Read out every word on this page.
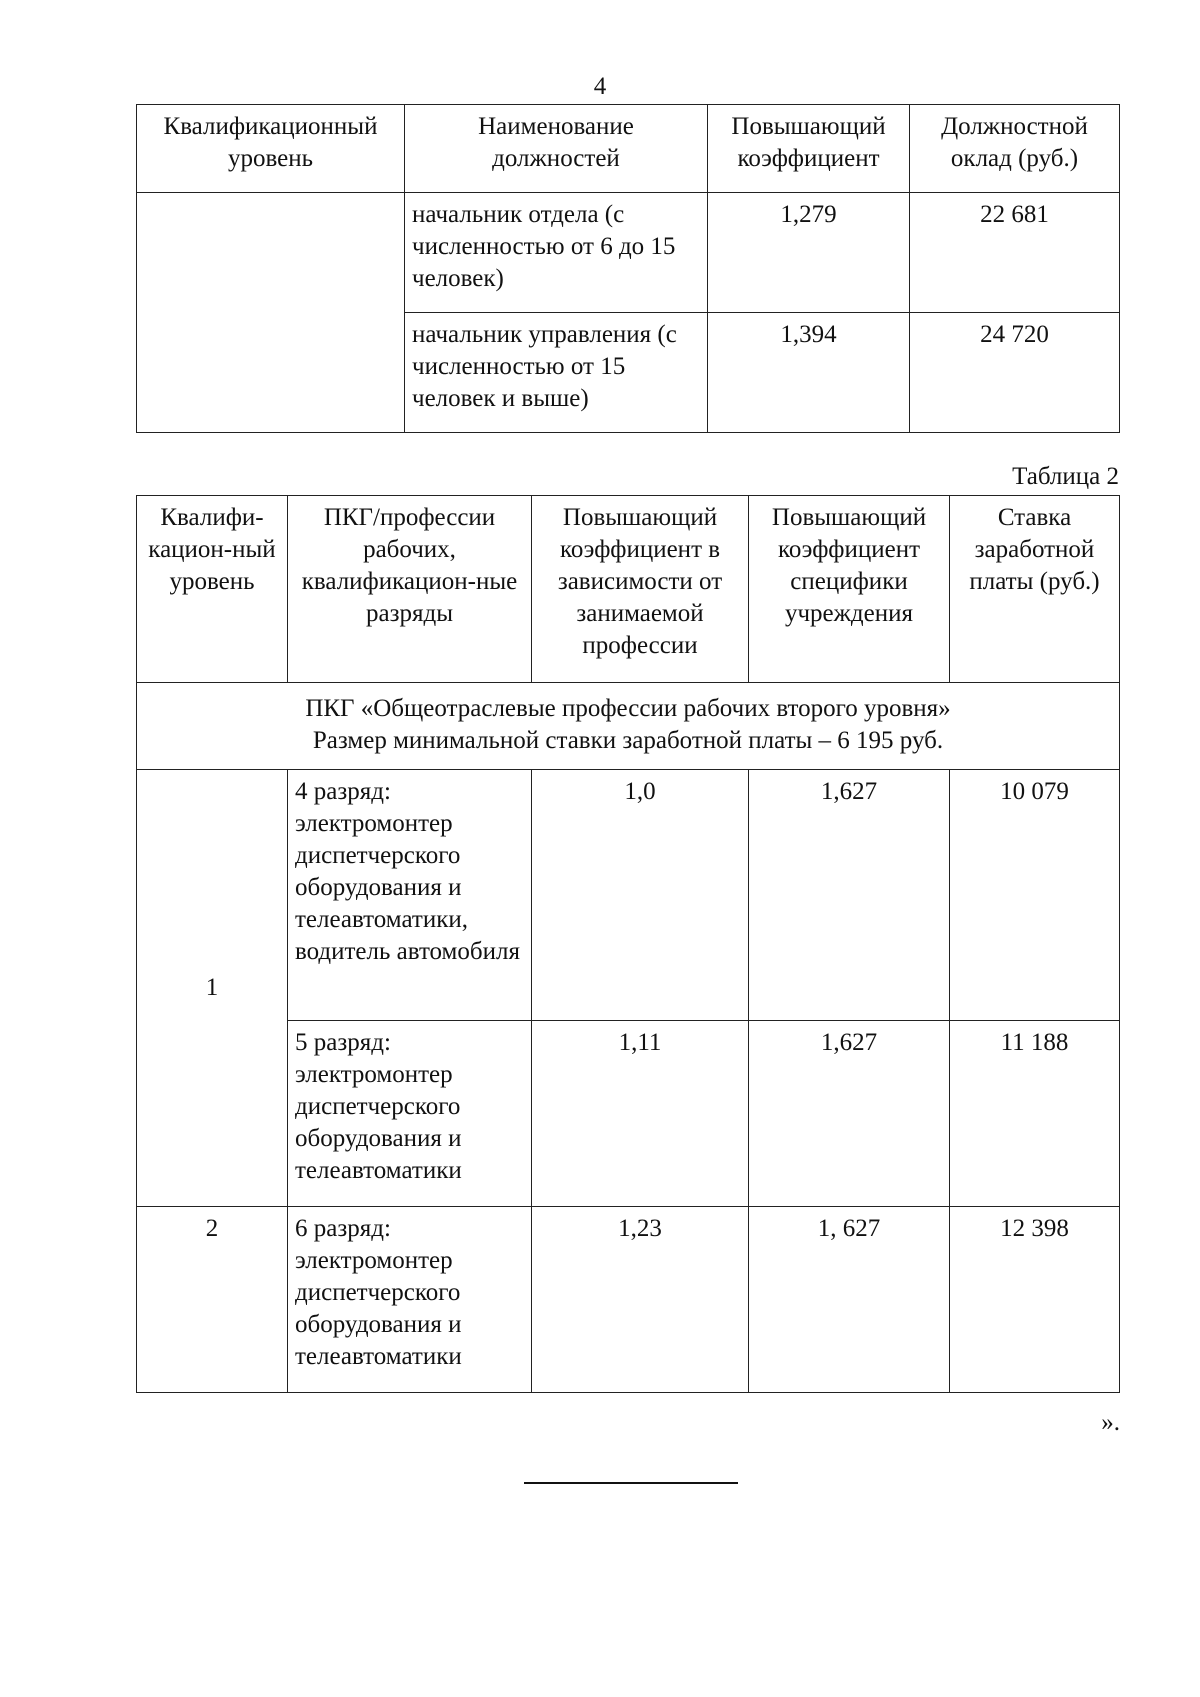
4
Квалификационный уровень	Наименование должностей	Повышающий коэффициент	Должностной оклад (руб.)
	начальник отдела (с численностью от 6 до 15 человек)	1,279	22 681
	начальник управления (с численностью от 15 человек и выше)	1,394	24 720
Таблица 2
Квалифи-кацион-ный уровень	ПКГ/профессии рабочих, квалификацион-ные разряды	Повышающий коэффициент в зависимости от занимаемой профессии	Повышающий коэффициент специфики учреждения	Ставка заработной платы (руб.)

ПКГ «Общеотраслевые профессии рабочих второго уровня»
Размер минимальной ставки заработной платы – 6 195 руб.				

1	4 разряд: электромонтер диспетчерского оборудования и телеавтоматики, водитель автомобиля	1,0	1,627	10 079
	5 разряд: электромонтер диспетчерского оборудования и телеавтоматики	1,11	1,627	11 188
2	6 разряд: электромонтер диспетчерского оборудования и телеавтоматики	1,23	1, 627	12 398
».
